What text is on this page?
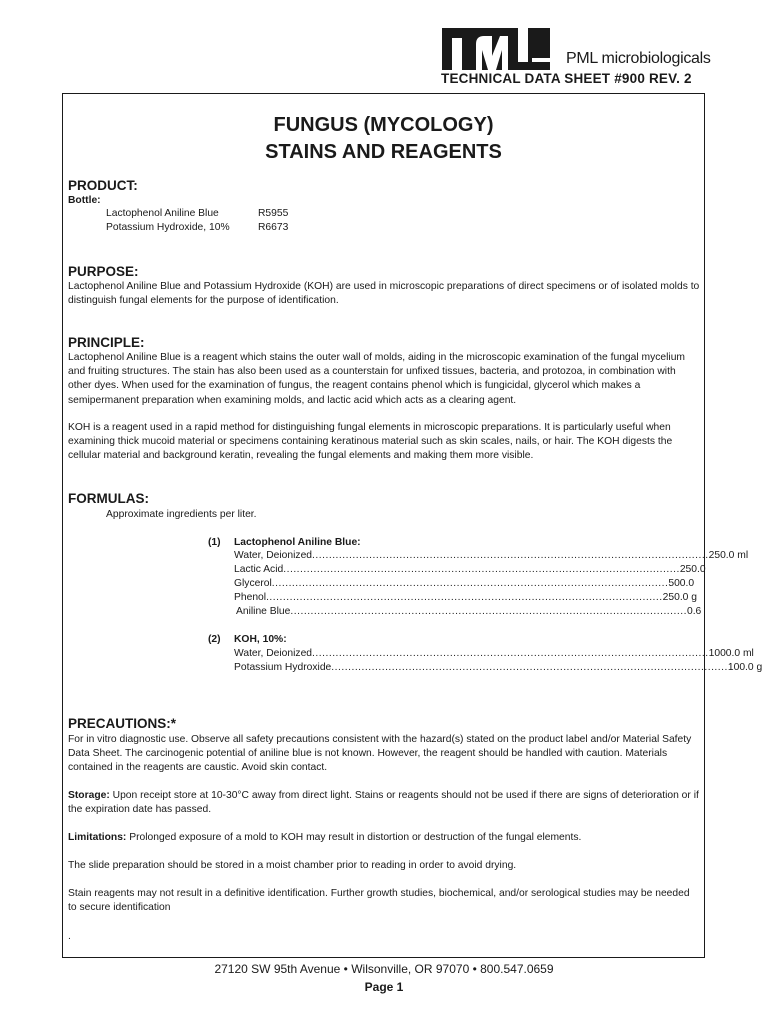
PML microbiologicals
TECHNICAL DATA SHEET #900 REV. 2
FUNGUS (MYCOLOGY)
STAINS AND REAGENTS
PRODUCT:
Bottle:
Lactophenol Aniline Blue	R5955
Potassium Hydroxide, 10%	R6673
PURPOSE:
Lactophenol Aniline Blue and Potassium Hydroxide (KOH) are used in microscopic preparations of direct specimens or of isolated molds to distinguish fungal elements for the purpose of identification.
PRINCIPLE:
Lactophenol Aniline Blue is a reagent which stains the outer wall of molds, aiding in the microscopic examination of the fungal mycelium and fruiting structures. The stain has also been used as a counterstain for unfixed tissues, bacteria, and protozoa, in combination with other dyes. When used for the examination of fungus, the reagent contains phenol which is fungicidal, glycerol which makes a semipermanent preparation when examining molds, and lactic acid which acts as a clearing agent.
KOH is a reagent used in a rapid method for distinguishing fungal elements in microscopic preparations. It is particularly useful when examining thick mucoid material or specimens containing keratinous material such as skin scales, nails, or hair. The KOH digests the cellular material and background keratin, revealing the fungal elements and making them more visible.
FORMULAS:
Approximate ingredients per liter.
(1) Lactophenol Aniline Blue:
Water, Deionized ...................................................................................................................... 250.0 ml
Lactic Acid ...................................................................................................................... 250.0
Glycerol ...................................................................................................................... 500.0
Phenol ...................................................................................................................... 250.0 g
Aniline Blue ...................................................................................................................... 0.6
(2) KOH, 10%:
Water, Deionized ...................................................................................................................... 1000.0 ml
Potassium Hydroxide ...................................................................................................................... 100.0 g
PRECAUTIONS:*
For in vitro diagnostic use. Observe all safety precautions consistent with the hazard(s) stated on the product label and/or Material Safety Data Sheet. The carcinogenic potential of aniline blue is not known. However, the reagent should be handled with caution. Materials contained in the reagents are caustic. Avoid skin contact.
Storage: Upon receipt store at 10-30°C away from direct light. Stains or reagents should not be used if there are signs of deterioration or if the expiration date has passed.
Limitations: Prolonged exposure of a mold to KOH may result in distortion or destruction of the fungal elements.
The slide preparation should be stored in a moist chamber prior to reading in order to avoid drying.
Stain reagents may not result in a definitive identification. Further growth studies, biochemical, and/or serological studies may be needed to secure identification
.
27120 SW 95th Avenue • Wilsonville, OR 97070 • 800.547.0659
Page 1
